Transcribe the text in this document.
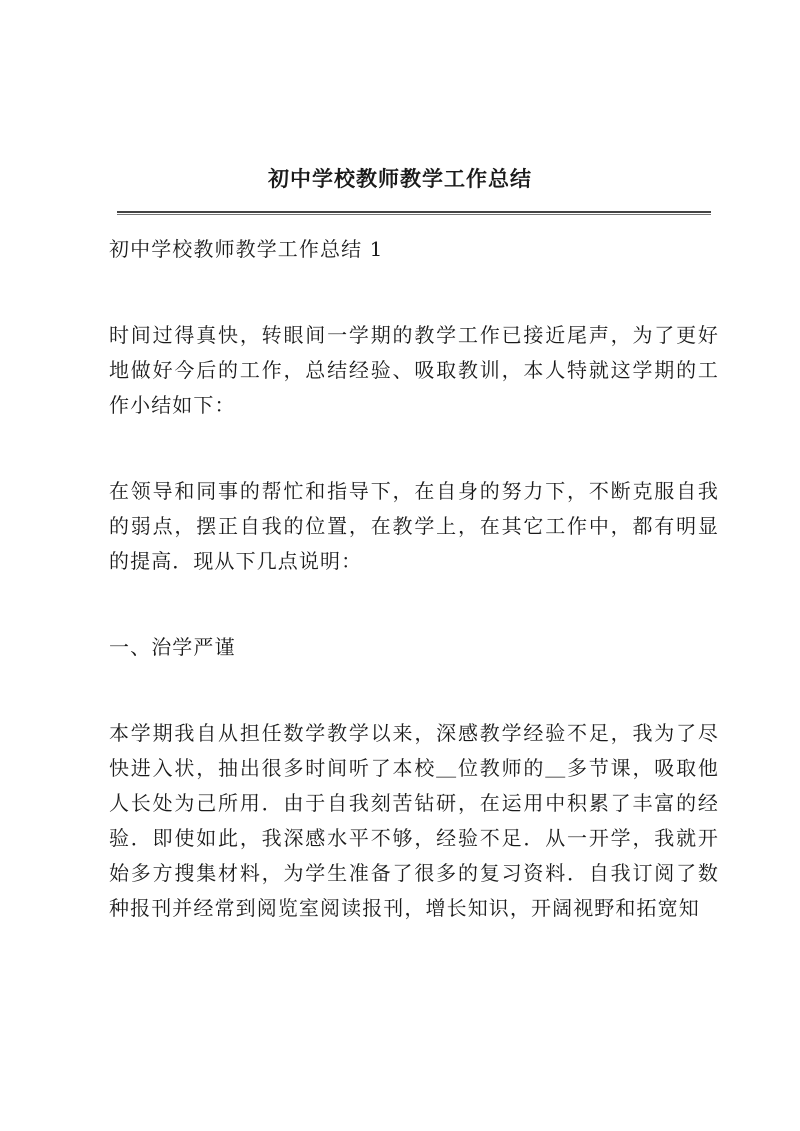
初中学校教师教学工作总结

初中学校教师教学工作总结 1

时间过得真快，转眼间一学期的教学工作已接近尾声，为了更好地做好今后的工作，总结经验、吸取教训，本人特就这学期的工作小结如下：

在领导和同事的帮忙和指导下，在自身的努力下，不断克服自我的弱点，摆正自我的位置，在教学上，在其它工作中，都有明显的提高．现从下几点说明：

一、治学严谨

本学期我自从担任数学教学以来，深感教学经验不足，我为了尽快进入状，抽出很多时间听了本校＿位教师的＿多节课，吸取他人长处为己所用．由于自我刻苦钻研，在运用中积累了丰富的经验．即使如此，我深感水平不够，经验不足．从一开学，我就开始多方搜集材料，为学生准备了很多的复习资料．自我订阅了数种报刊并经常到阅览室阅读报刊，增长知识，开阔视野和拓宽知
